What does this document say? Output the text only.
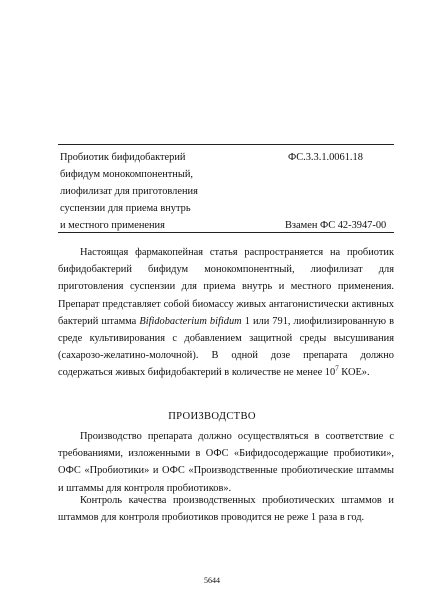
Пробиотик бифидобактерий
бифидум монокомпонентный,
лиофилизат для приготовления
суспензии для приема внутрь
и местного применения
ФС.3.3.1.0061.18
Взамен ФС 42-3947-00

Настоящая фармакопейная статья распространяется на пробиотик бифидобактерий бифидум монокомпонентный, лиофилизат для приготовления суспензии для приема внутрь и местного применения. Препарат представляет собой биомассу живых антагонистически активных бактерий штамма Bifidobacterium bifidum 1 или 791, лиофилизированную в среде культивирования с добавлением защитной среды высушивания (сахарозо-желатино-молочной). В одной дозе препарата должно содержаться живых бифидобактерий в количестве не менее $10^7$ КОЕ».

ПРОИЗВОДСТВО

Производство препарата должно осуществляться в соответствие с требованиями, изложенными в ОФС «Бифидосодержащие пробиотики», ОФС «Пробиотики» и ОФС «Производственные пробиотические штаммы и штаммы для контроля пробиотиков».

Контроль качества производственных пробиотических штаммов и штаммов для контроля пробиотиков проводится не реже 1 раза в год.

5644
